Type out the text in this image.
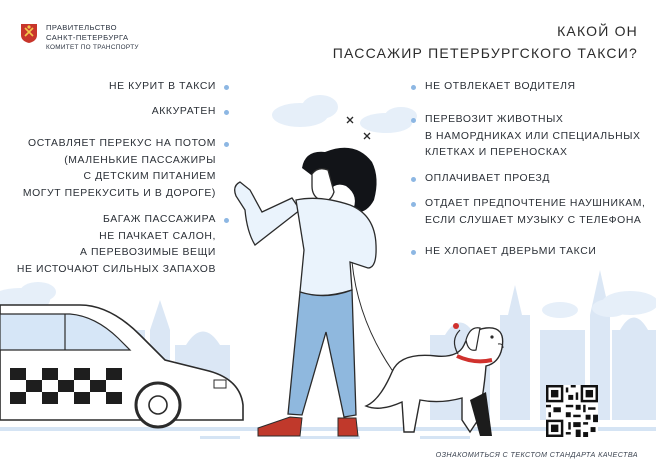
ПРАВИТЕЛЬСТВО
САНКТ-ПЕТЕРБУРГА
КОМИТЕТ ПО ТРАНСПОРТУ
КАКОЙ ОН
ПАССАЖИР ПЕТЕРБУРГСКОГО ТАКСИ?
НЕ КУРИТ В ТАКСИ
АККУРАТЕН
ОСТАВЛЯЕТ ПЕРЕКУС НА ПОТОМ
(МАЛЕНЬКИЕ ПАССАЖИРЫ
С ДЕТСКИМ ПИТАНИЕМ
МОГУТ ПЕРЕКУСИТЬ И В ДОРОГЕ)
БАГАЖ ПАССАЖИРА
НЕ ПАЧКАЕТ САЛОН,
А ПЕРЕВОЗИМЫЕ ВЕЩИ
НЕ ИСТОЧАЮТ СИЛЬНЫХ ЗАПАХОВ
НЕ ОТВЛЕКАЕТ ВОДИТЕЛЯ
ПЕРЕВОЗИТ ЖИВОТНЫХ
В НАМОРДНИКАХ ИЛИ СПЕЦИАЛЬНЫХ
КЛЕТКАХ И ПЕРЕНОСКАХ
ОПЛАЧИВАЕТ ПРОЕЗД
ОТДАЕТ ПРЕДПОЧТЕНИЕ НАУШНИКАМ,
ЕСЛИ СЛУШАЕТ МУЗЫКУ С ТЕЛЕФОНА
НЕ ХЛОПАЕТ ДВЕРЬМИ ТАКСИ
ОЗНАКОМИТЬСЯ С ТЕКСТОМ СТАНДАРТА КАЧЕСТВА
